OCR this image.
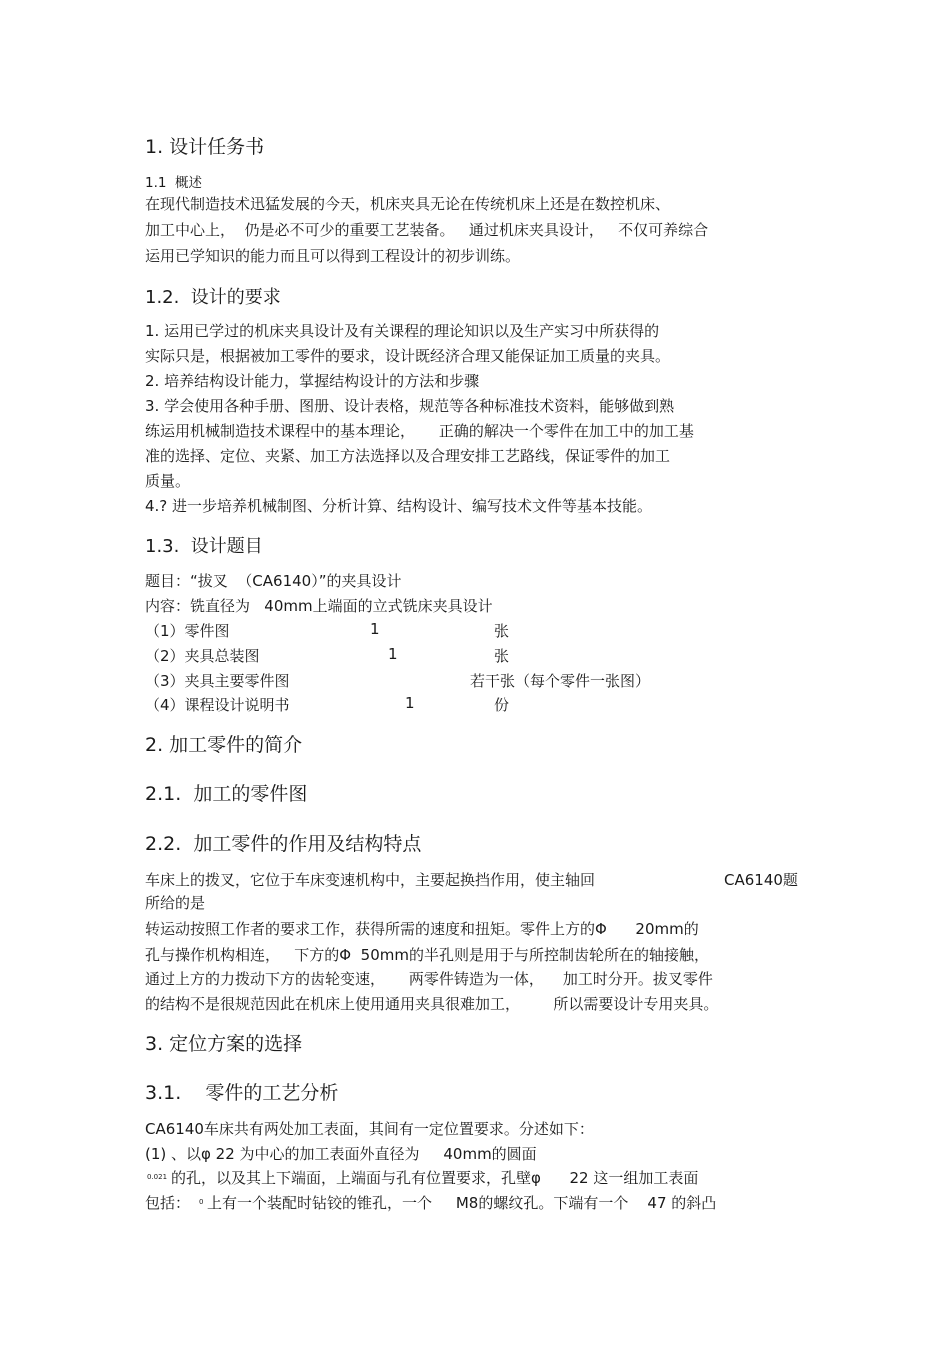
1. 设计任务书
1.1  概述
在现代制造技术迅猛发展的今天，机床夹具无论在传统机床上还是在数控机床、
加工中心上，  仍是必不可少的重要工艺装备。   通过机床夹具设计，   不仅可养综合
运用已学知识的能力而且可以得到工程设计的初步训练。
1.2.  设计的要求
1. 运用已学过的机床夹具设计及有关课程的理论知识以及生产实习中所获得的
实际只是，根据被加工零件的要求，设计既经济合理又能保证加工质量的夹具。
2. 培养结构设计能力，掌握结构设计的方法和步骤
3. 学会使用各种手册、图册、设计表格，规范等各种标准技术资料，能够做到熟
练运用机械制造技术课程中的基本理论，     正确的解决一个零件在加工中的加工基
准的选择、定位、夹紧、加工方法选择以及合理安排工艺路线，保证零件的加工
质量。
4.? 进一步培养机械制图、分析计算、结构设计、编写技术文件等基本技能。
1.3.  设计题目
题目：“拔叉  （CA6140）”的夹具设计
内容：铣直径为   40mm上端面的立式铣床夹具设计
（1）零件图	1	张
（2）夹具总装图	1	张
（3）夹具主要零件图	若干张（每个零件一张图）
（4）课程设计说明书	1	份
2. 加工零件的简介
2.1.  加工的零件图
2.2.  加工零件的作用及结构特点
车床上的拨叉，它位于车床变速机构中，主要起换挡作用，使主轴回	CA6140题
所给的是
转运动按照工作者的要求工作，获得所需的速度和扭矩。零件上方的Φ      20mm的
孔与操作机构相连，   下方的Φ  50mm的半孔则是用于与所控制齿轮所在的轴接触，
通过上方的力拨动下方的齿轮变速，     两零件铸造为一体，    加工时分开。拔叉零件
的结构不是很规范因此在机床上使用通用夹具很难加工，       所以需要设计专用夹具。
3. 定位方案的选择
3.1.    零件的工艺分析
CA6140车床共有两处加工表面，其间有一定位置要求。分述如下：
(1) 、以φ 22 为中心的加工表面外直径为     40mm的圆面
0.021 的孔，以及其上下端面，上端面与孔有位置要求，孔壁φ      22 这一组加工表面
包括： 0 上有一个装配时钻铰的锥孔，一个     M8的螺纹孔。下端有一个    47 的斜凸
